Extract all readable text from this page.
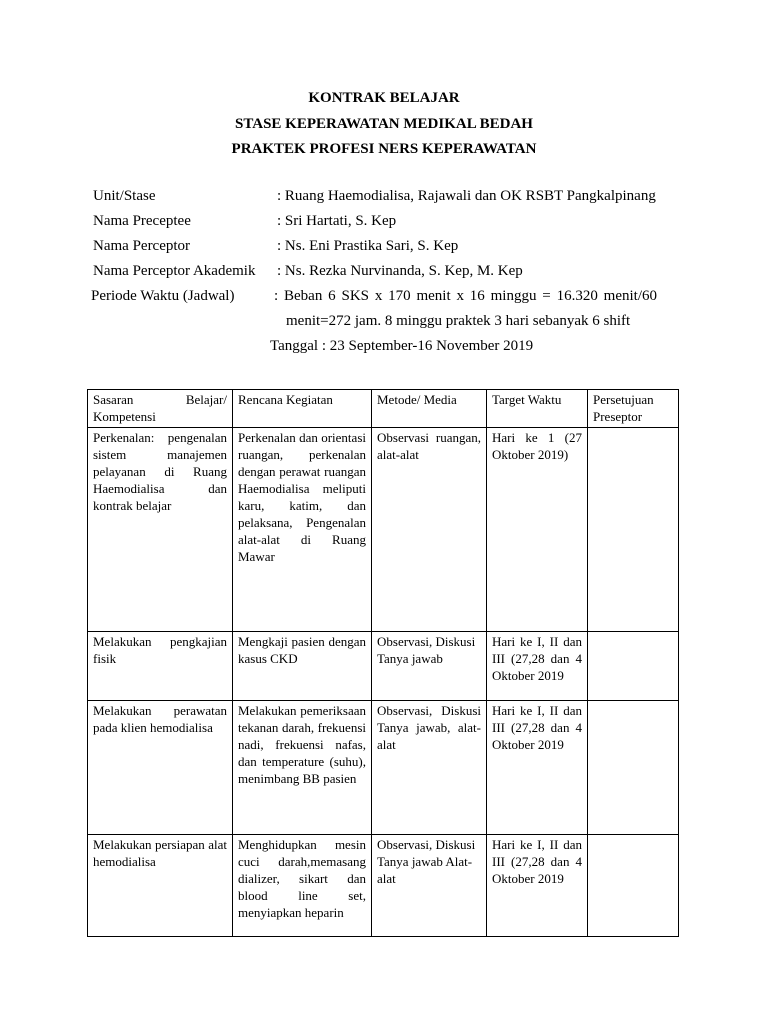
KONTRAK BELAJAR
STASE KEPERAWATAN MEDIKAL BEDAH
PRAKTEK PROFESI NERS KEPERAWATAN
Unit/Stase	: Ruang Haemodialisa, Rajawali dan OK RSBT Pangkalpinang
Nama Preceptee	: Sri Hartati, S. Kep
Nama Perceptor	: Ns. Eni Prastika Sari, S. Kep
Nama Perceptor Akademik : Ns. Rezka Nurvinanda, S. Kep, M. Kep
Periode Waktu (Jadwal)	: Beban 6 SKS x 170 menit x 16 minggu = 16.320 menit/60
menit=272 jam. 8 minggu praktek 3 hari sebanyak 6 shift
Tanggal : 23 September-16 November 2019
Sasaran Belajar/ Kompetensi	Rencana Kegiatan	Metode/ Media	Target Waktu	Persetujuan Preseptor
Perkenalan: pengenalan sistem manajemen pelayanan di Ruang Haemodialisa dan kontrak belajar	Perkenalan dan orientasi ruangan, perkenalan dengan perawat ruangan Haemodialisa meliputi karu, katim, dan pelaksana, Pengenalan alat-alat di Ruang Mawar	Observasi ruangan, alat-alat	Hari ke 1 (27 Oktober 2019)	
Melakukan pengkajian fisik	Mengkaji pasien dengan kasus CKD	Observasi, Diskusi Tanya jawab	Hari ke I, II dan III (27,28 dan 4 Oktober 2019	
Melakukan perawatan pada klien hemodialisa	Melakukan pemeriksaan tekanan darah, frekuensi nadi, frekuensi nafas, dan temperature (suhu), menimbang BB pasien	Observasi, Diskusi Tanya jawab, alat-alat	Hari ke I, II dan III (27,28 dan 4 Oktober 2019	
Melakukan persiapan alat hemodialisa	Menghidupkan mesin cuci darah,memasang dializer, sikart dan blood line set, menyiapkan heparin	Observasi, Diskusi Tanya jawab Alat-alat	Hari ke I, II dan III (27,28 dan 4 Oktober 2019	
